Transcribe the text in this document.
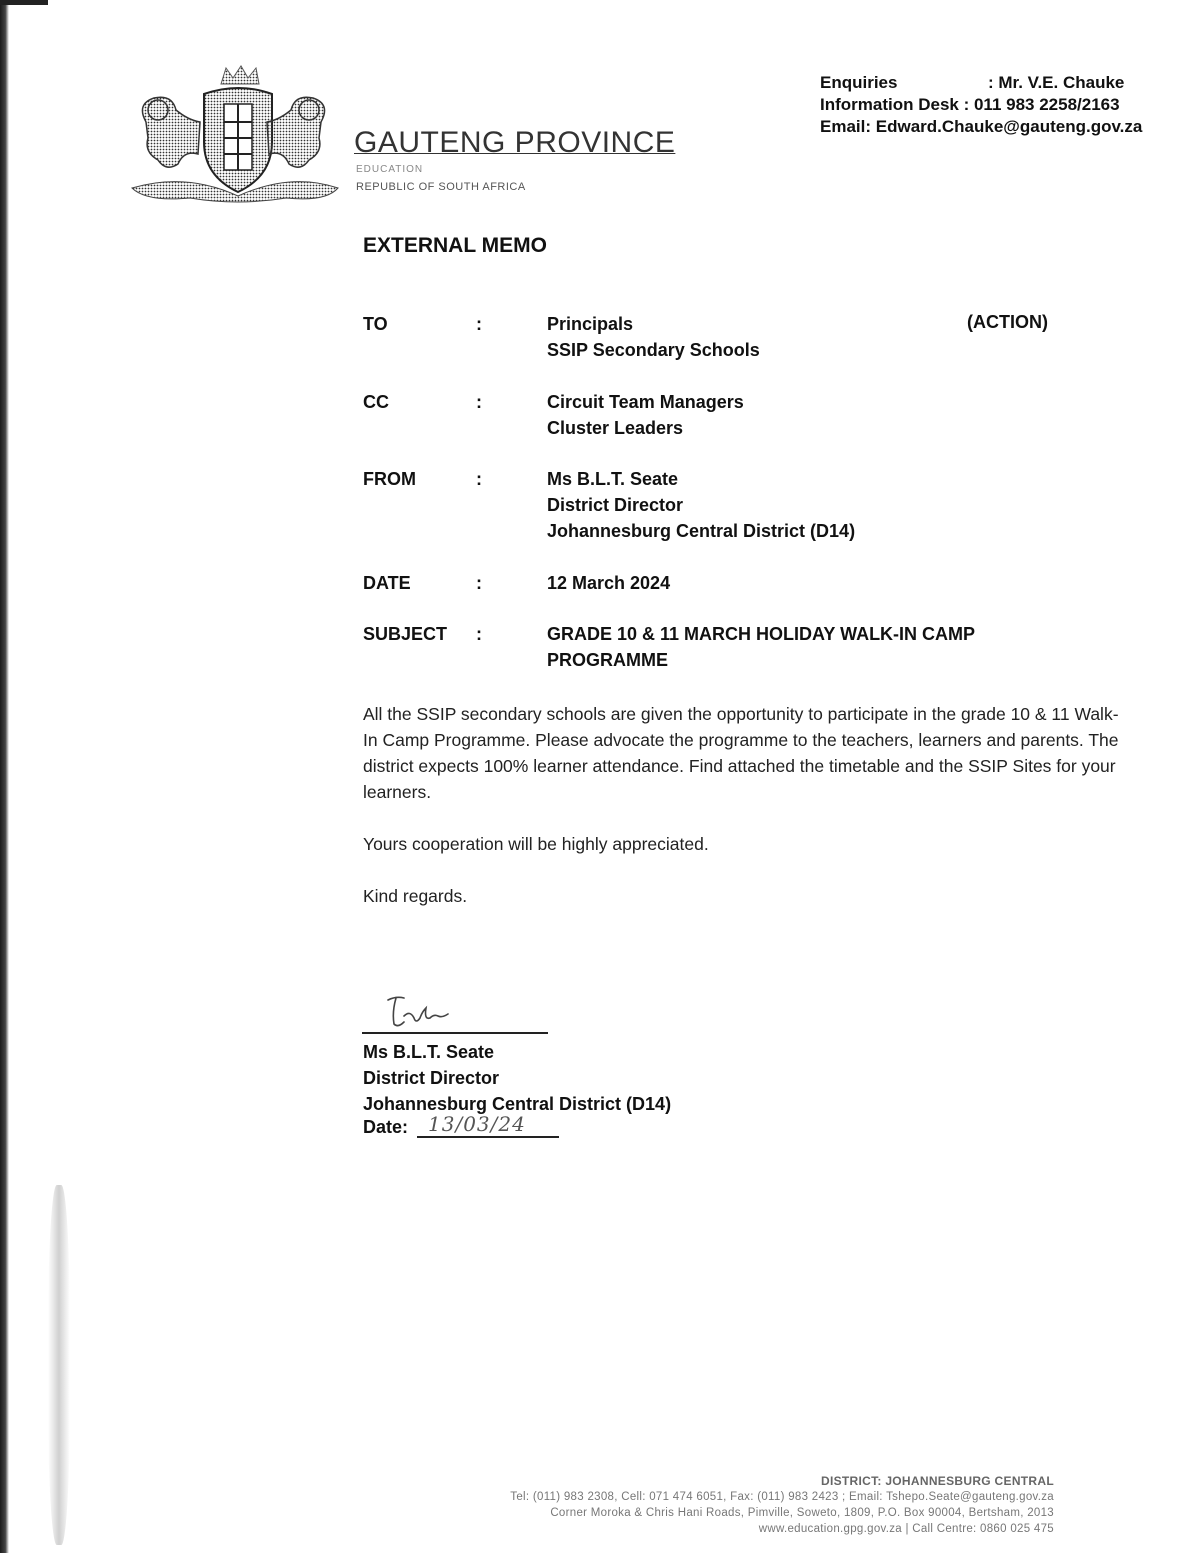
GAUTENG PROVINCE
EDUCATION
REPUBLIC OF SOUTH AFRICA
Enquiries	: Mr. V.E. Chauke
Information Desk : 011 983 2258/2163
Email: Edward.Chauke@gauteng.gov.za
EXTERNAL MEMO
TO	:	Principals
SSIP Secondary Schools
(ACTION)
CC	:	Circuit Team Managers
Cluster Leaders
FROM	:	Ms B.L.T. Seate
District Director
Johannesburg Central District (D14)
DATE	:	12 March 2024
SUBJECT :	GRADE 10 & 11 MARCH HOLIDAY WALK-IN CAMP
PROGRAMME
All the SSIP secondary schools are given the opportunity to participate in the grade 10 & 11 Walk-In Camp Programme. Please advocate the programme to the teachers, learners and parents. The district expects 100% learner attendance. Find attached the timetable and the SSIP Sites for your learners.
Yours cooperation will be highly appreciated.
Kind regards.
Ms B.L.T. Seate
District Director
Johannesburg Central District (D14)
Date: 13/03/24
DISTRICT: JOHANNESBURG CENTRAL
Tel: (011) 983 2308, Cell: 071 474 6051, Fax: (011) 983 2423 ; Email: Tshepo.Seate@gauteng.gov.za
Corner Moroka & Chris Hani Roads, Pimville, Soweto, 1809, P.O. Box 90004, Bertsham, 2013
www.education.gpg.gov.za | Call Centre: 0860 025 475
